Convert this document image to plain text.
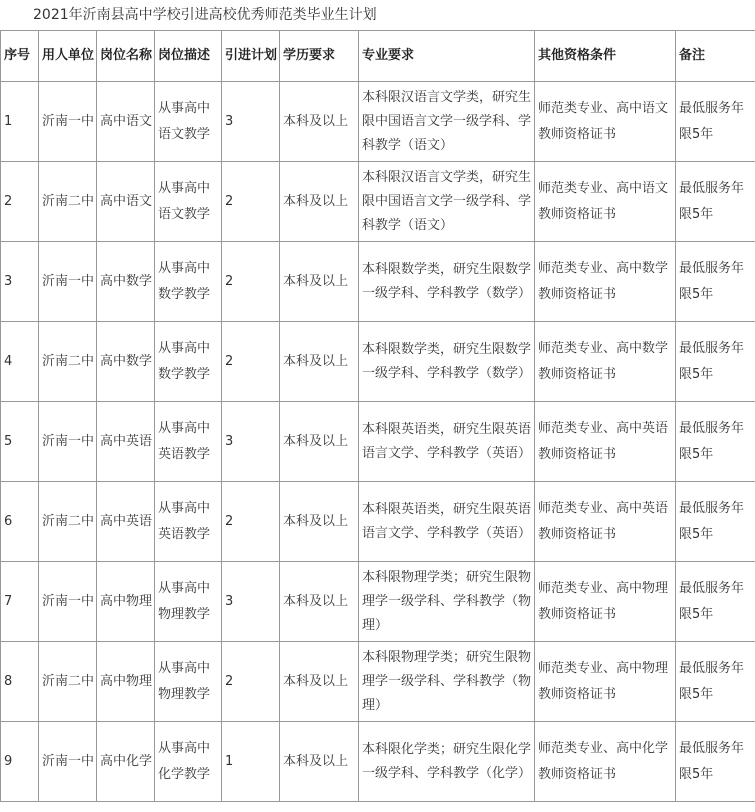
2021年沂南县高中学校引进高校优秀师范类毕业生计划
序号	用人单位	岗位名称	岗位描述	引进计划	学历要求	专业要求	其他资格条件	备注
1	沂南一中	高中语文	从事高中语文教学	3	本科及以上	本科限汉语言文学类，研究生限中国语言文学一级学科、学科教学（语文）	师范类专业、高中语文教师资格证书	最低服务年限5年
2	沂南二中	高中语文	从事高中语文教学	2	本科及以上	本科限汉语言文学类，研究生限中国语言文学一级学科、学科教学（语文）	师范类专业、高中语文教师资格证书	最低服务年限5年
3	沂南一中	高中数学	从事高中数学教学	2	本科及以上	本科限数学类，研究生限数学一级学科、学科教学（数学）	师范类专业、高中数学教师资格证书	最低服务年限5年
4	沂南二中	高中数学	从事高中数学教学	2	本科及以上	本科限数学类，研究生限数学一级学科、学科教学（数学）	师范类专业、高中数学教师资格证书	最低服务年限5年
5	沂南一中	高中英语	从事高中英语教学	3	本科及以上	本科限英语类，研究生限英语语言文学、学科教学（英语）	师范类专业、高中英语教师资格证书	最低服务年限5年
6	沂南二中	高中英语	从事高中英语教学	2	本科及以上	本科限英语类，研究生限英语语言文学、学科教学（英语）	师范类专业、高中英语教师资格证书	最低服务年限5年
7	沂南一中	高中物理	从事高中物理教学	3	本科及以上	本科限物理学类；研究生限物理学一级学科、学科教学（物理）	师范类专业、高中物理教师资格证书	最低服务年限5年
8	沂南二中	高中物理	从事高中物理教学	2	本科及以上	本科限物理学类；研究生限物理学一级学科、学科教学（物理）	师范类专业、高中物理教师资格证书	最低服务年限5年
9	沂南一中	高中化学	从事高中化学教学	1	本科及以上	本科限化学类；研究生限化学一级学科、学科教学（化学）	师范类专业、高中化学教师资格证书	最低服务年限5年
